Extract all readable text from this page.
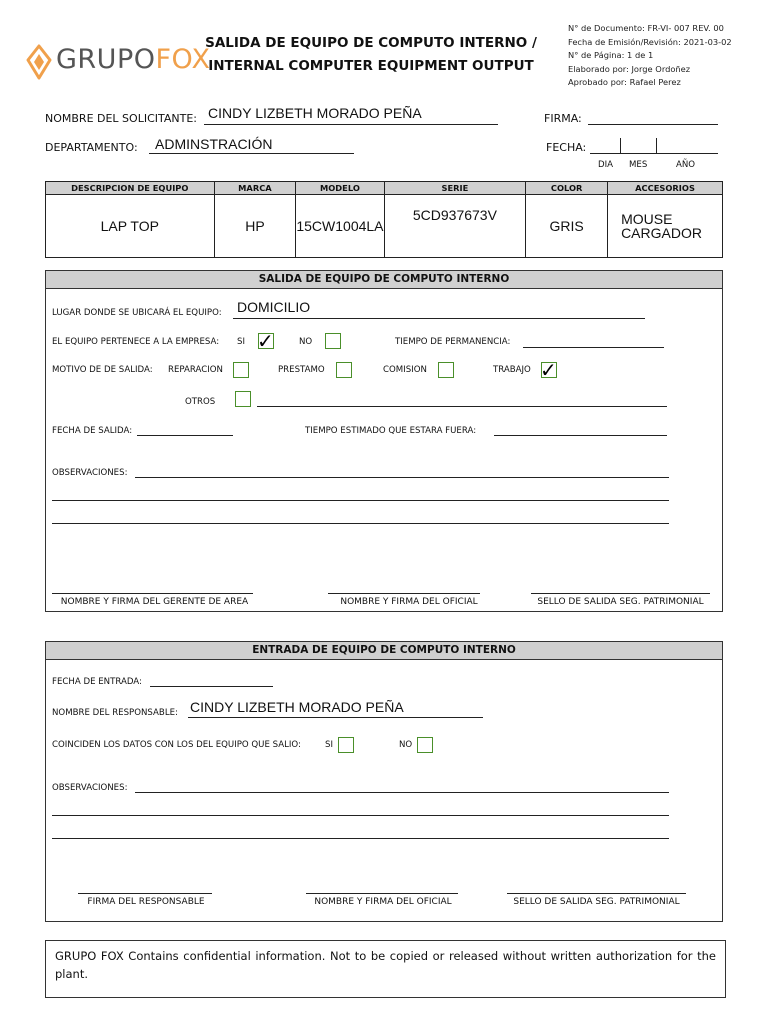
GRUPOFOX
SALIDA DE EQUIPO DE COMPUTO INTERNO /
INTERNAL COMPUTER EQUIPMENT OUTPUT
N° de Documento: FR-VI- 007 REV. 00
Fecha de Emisión/Revisión: 2021-03-02
N° de Página: 1 de 1
Elaborado por: Jorge Ordoñez
Aprobado por: Rafael Perez
NOMBRE DEL SOLICITANTE: CINDY LIZBETH MORADO PEÑA	FIRMA:
DEPARTAMENTO: ADMINSTRACIÓN	FECHA:
DIA MES	AÑO
DESCRIPCION DE EQUIPO	MARCA	MODELO	SERIE	COLOR	ACCESORIOS
LAP TOP	HP	15CW1004LA	5CD937673V	GRIS	MOUSE
CARGADOR
SALIDA DE EQUIPO DE COMPUTO INTERNO
LUGAR DONDE SE UBICARÁ EL EQUIPO: DOMICILIO
EL EQUIPO PERTENECE A LA EMPRESA: SI ✓	NO	TIEMPO DE PERMANENCIA:
MOTIVO DE DE SALIDA: REPARACION	PRESTAMO	COMISION	TRABAJO ✓
OTROS
FECHA DE SALIDA:	TIEMPO ESTIMADO QUE ESTARA FUERA:
OBSERVACIONES:
NOMBRE Y FIRMA DEL GERENTE DE AREA	NOMBRE Y FIRMA DEL OFICIAL	SELLO DE SALIDA SEG. PATRIMONIAL
ENTRADA DE EQUIPO DE COMPUTO INTERNO
FECHA DE ENTRADA:
NOMBRE DEL RESPONSABLE: CINDY LIZBETH MORADO PEÑA
COINCIDEN LOS DATOS CON LOS DEL EQUIPO QUE SALIO:	SI	NO
OBSERVACIONES:
FIRMA DEL RESPONSABLE	NOMBRE Y FIRMA DEL OFICIAL	SELLO DE SALIDA SEG. PATRIMONIAL
GRUPO FOX Contains confidential information. Not to be copied or released without written authorization for the plant.
